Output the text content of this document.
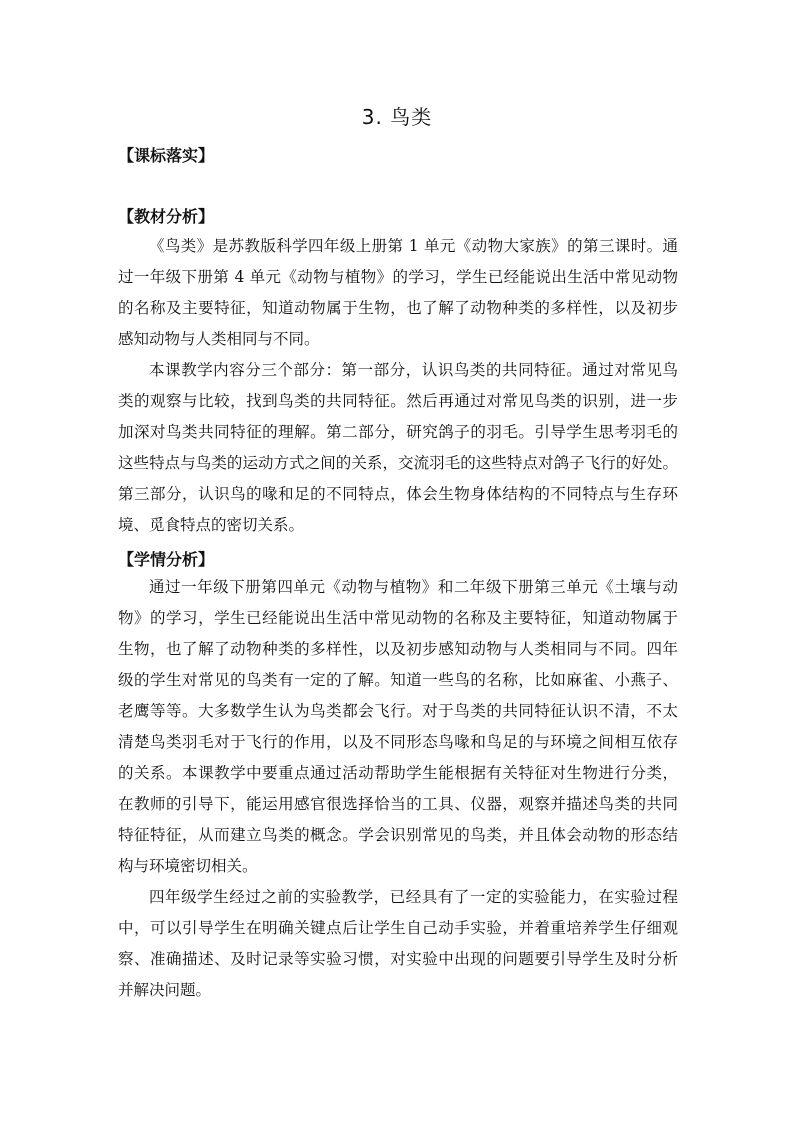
3. 鸟类
【课标落实】
【教材分析】
《鸟类》是苏教版科学四年级上册第 1 单元《动物大家族》的第三课时。通
过一年级下册第 4 单元《动物与植物》的学习，学生已经能说出生活中常见动物
的名称及主要特征，知道动物属于生物，也了解了动物种类的多样性，以及初步
感知动物与人类相同与不同。
本课教学内容分三个部分：第一部分，认识鸟类的共同特征。通过对常见鸟
类的观察与比较，找到鸟类的共同特征。然后再通过对常见鸟类的识别，进一步
加深对鸟类共同特征的理解。第二部分，研究鸽子的羽毛。引导学生思考羽毛的
这些特点与鸟类的运动方式之间的关系，交流羽毛的这些特点对鸽子飞行的好处。
第三部分，认识鸟的喙和足的不同特点，体会生物身体结构的不同特点与生存环
境、觅食特点的密切关系。
【学情分析】
通过一年级下册第四单元《动物与植物》和二年级下册第三单元《土壤与动
物》的学习，学生已经能说出生活中常见动物的名称及主要特征，知道动物属于
生物，也了解了动物种类的多样性，以及初步感知动物与人类相同与不同。四年
级的学生对常见的鸟类有一定的了解。知道一些鸟的名称，比如麻雀、小燕子、
老鹰等等。大多数学生认为鸟类都会飞行。对于鸟类的共同特征认识不清，不太
清楚鸟类羽毛对于飞行的作用，以及不同形态鸟喙和鸟足的与环境之间相互依存
的关系。本课教学中要重点通过活动帮助学生能根据有关特征对生物进行分类，
在教师的引导下，能运用感官很选择恰当的工具、仪器，观察并描述鸟类的共同
特征特征，从而建立鸟类的概念。学会识别常见的鸟类，并且体会动物的形态结
构与环境密切相关。
四年级学生经过之前的实验教学，已经具有了一定的实验能力，在实验过程
中，可以引导学生在明确关键点后让学生自己动手实验，并着重培养学生仔细观
察、准确描述、及时记录等实验习惯，对实验中出现的问题要引导学生及时分析
并解决问题。
